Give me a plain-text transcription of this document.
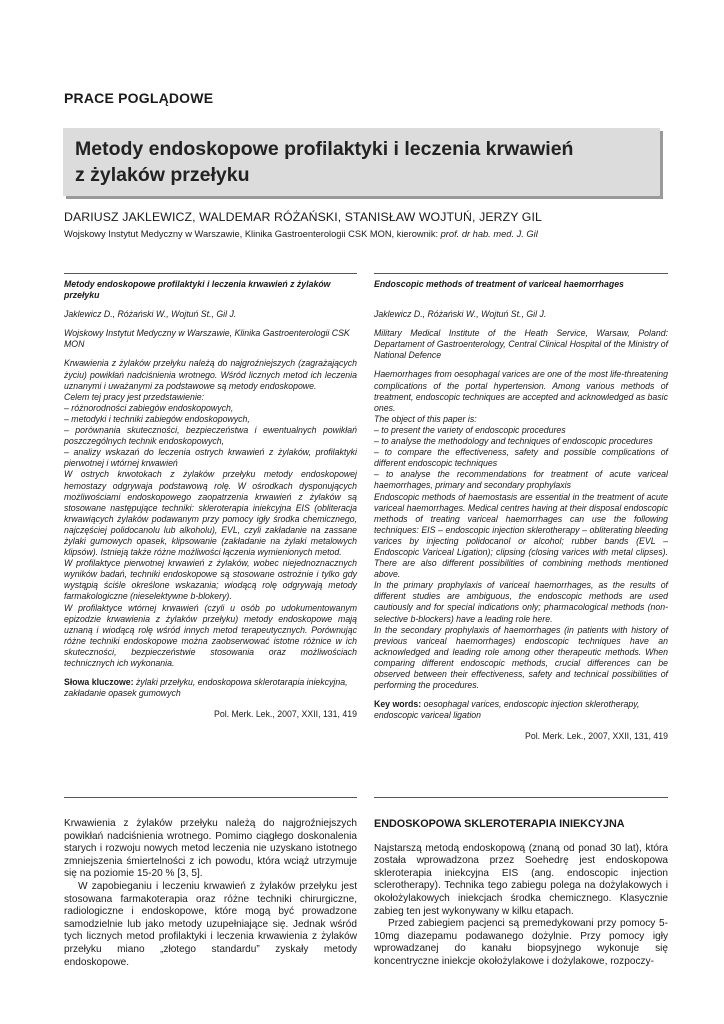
PRACE POGLĄDOWE
Metody endoskopowe profilaktyki i leczenia krwawień
z żylaków przełyku
DARIUSZ JAKLEWICZ, WALDEMAR RÓŻAŃSKI, STANISŁAW WOJTUŃ, JERZY GIL
Wojskowy Instytut Medyczny w Warszawie, Klinika Gastroenterologii CSK MON, kierownik: prof. dr hab. med. J. Gil

Metody endoskopowe profilaktyki i leczenia krwawień z żylaków przełyku

Jaklewicz D., Różański W., Wojtuń St., Gil J.

Wojskowy Instytut Medyczny w Warszawie, Klinika Gastroenterologii CSK MON

Krwawienia z żylaków przełyku należą do najgroźniejszych (zagrażających życiu) powikłań nadciśnienia wrotnego. Wśród licznych metod ich leczenia uznanymi i uważanymi za podstawowe są metody endoskopowe.

Celem tej pracy jest przedstawienie:

– różnorodności zabiegów endoskopowych,

– metodyki i techniki zabiegów endoskopowych,

– porównania skuteczności, bezpieczeństwa i ewentualnych powikłań poszczególnych technik endoskopowych,

– analizy wskazań do leczenia ostrych krwawień z żylaków, profilaktyki pierwotnej i wtórnej krwawień

W ostrych krwotokach z żylaków przełyku metody endoskopowej hemostazy odgrywaja podstawową rolę. W ośrodkach dysponujących możliwościami endoskopowego zaopatrzenia krwawień z żylaków są stosowane następujące techniki: skleroterapia iniekcyjna EIS (obliteracja krwawiących żylaków podawanym przy pomocy igły środka chemicznego, najczęściej polidocanolu lub alkoholu), EVL, czyli zakładanie na zassane żylaki gumowych opasek, klipsowanie (zakładanie na żylaki metalowych klipsów). Istnieją także różne możliwości łączenia wymienionych metod.

W profilaktyce pierwotnej krwawień z żylaków, wobec niejednoznacznych wyników badań, techniki endoskopowe są stosowane ostrożnie i tylko gdy wystąpią ściśle określone wskazania; wiodącą rolę odgrywają metody farmakologiczne (nieselektywne b-blokery).

W profilaktyce wtórnej krwawień (czyli u osób po udokumentowanym epizodzie krwawienia z żylaków przełyku) metody endoskopowe mają uznaną i wiodącą rolę wśród innych metod terapeutycznych. Porównując różne techniki endoskopowe można zaobserwować istotne różnice w ich skuteczności, bezpieczeństwie stosowania oraz możliwościach technicznych ich wykonania.

Słowa kluczowe: żylaki przełyku, endoskopowa sklerotarapia iniekcyjna, zakładanie opasek gumowych

Pol. Merk. Lek., 2007, XXII, 131, 419

Endoscopic methods of treatment of variceal haemorrhages

Jaklewicz D., Różański W., Wojtuń St., Gil J.

Military Medical Institute of the Heath Service, Warsaw, Poland: Departament of Gastroenterology, Central Clinical Hospital of the Ministry of National Defence

Haemorrhages from oesophagal varices are one of the most life-threatening complications of the portal hypertension. Among various methods of treatment, endoscopic techniques are accepted and acknowledged as basic ones.

The object of this paper is:

– to present the variety of endoscopic procedures

– to analyse the methodology and techniques of endoscopic procedures

– to compare the effectiveness, safety and possible complications of different endoscopic techniques

– to analyse the recommendations for treatment of acute variceal haemorrhages, primary and secondary prophylaxis

Endoscopic methods of haemostasis are essential in the treatment of acute variceal haemorrhages. Medical centres having at their disposal endoscopic methods of treating variceal haemorrhages can use the following techniques: EIS – endoscopic injection sklerotherapy – obliterating bleeding varices by injecting polidocanol or alcohol; rubber bands (EVL – Endoscopic Variceal Ligation); clipsing (closing varices with metal clipses). There are also different possibilities of combining methods mentioned above.

In the primary prophylaxis of variceal haemorrhages, as the results of different studies are ambiguous, the endoscopic methods are used cautiously and for special indications only; pharmacological methods (non- selective b-blockers) have a leading role here.

In the secondary prophylaxis of haemorrhages (in patients with history of previous variceal haemorrhages) endoscopic techniques have an acknowledged and leading role among other therapeutic methods. When comparing different endoscopic methods, crucial differences can be observed between their effectiveness, safety and technical possibilities of performing the procedures.

Key words: oesophagal varices, endoscopic injection sklerotherapy, endoscopic variceal ligation

Pol. Merk. Lek., 2007, XXII, 131, 419

Krwawienia z żylaków przełyku należą do najgroźniejszych powikłań nadciśnienia wrotnego. Pomimo ciągłego doskonalenia starych i rozwoju nowych metod leczenia nie uzyskano istotnego zmniejszenia śmiertelności z ich powodu, która wciąż utrzymuje się na poziomie 15-20 % [3, 5].

W zapobieganiu i leczeniu krwawień z żylaków przełyku jest stosowana farmakoterapia oraz różne techniki chirurgiczne, radiologiczne i endoskopowe, które mogą być prowadzone samodzielnie lub jako metody uzupełniające się. Jednak wśród tych licznych metod profilaktyki i leczenia krwawienia z żylaków przełyku miano „złotego standardu” zyskały metody endoskopowe.

ENDOSKOPOWA SKLEROTERAPIA INIEKCYJNA

Najstarszą metodą endoskopową (znaną od ponad 30 lat), która została wprowadzona przez Soehedrę jest endoskopowa skleroterapia iniekcyjna EIS (ang. endoscopic injection sclerotherapy). Technika tego zabiegu polega na dożylakowych i okołożylakowych iniekcjach środka chemicznego. Klasycznie zabieg ten jest wykonywany w kilku etapach.

Przed zabiegiem pacjenci są premedykowani przy pomocy 5-10mg diazepamu podawanego dożylnie. Przy pomocy igły wprowadzanej do kanału biopsyjnego wykonuje się koncentryczne iniekcje okołożylakowe i dożylakowe, rozpoczy-
